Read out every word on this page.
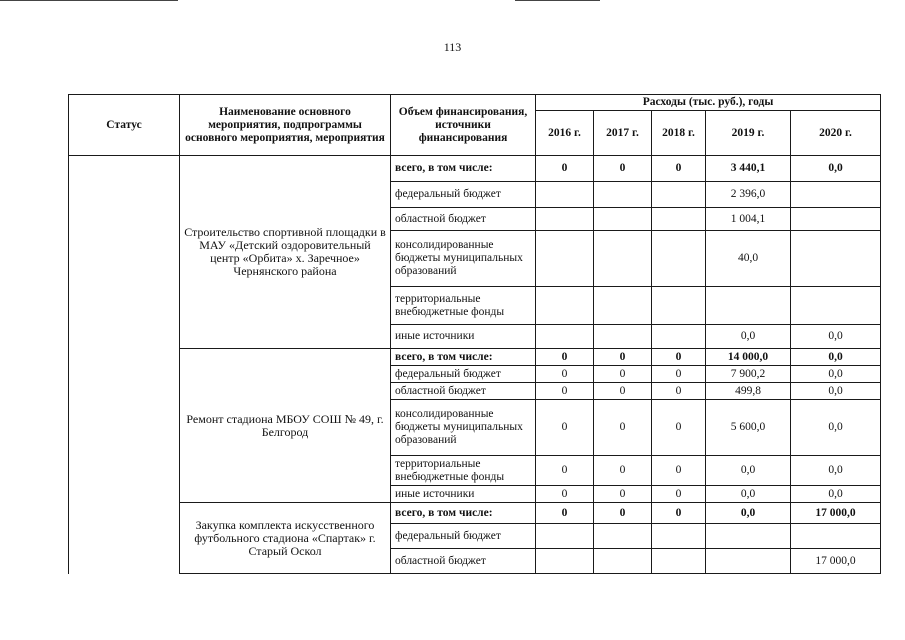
113
Статус	Наименование основного мероприятия, подпрограммы основного мероприятия, мероприятия	Объем финансирования, источники финансирования	Расходы (тыс. руб.), годы				
			2016 г.	2017 г.	2018 г.	2019 г.	2020 г.
	Строительство спортивной площадки в МАУ «Детский оздоровительный центр «Орбита» х. Заречное» Чернянского района	всего, в том числе:	0	0	0	3 440,1	0,0
		федеральный бюджет				2 396,0	
		областной бюджет				1 004,1	
		консолидированные бюджеты муниципальных образований				40,0	
		территориальные внебюджетные фонды					
		иные источники				0,0	0,0
	Ремонт стадиона МБОУ СОШ № 49, г. Белгород	всего, в том числе:	0	0	0	14 000,0	0,0
		федеральный бюджет	0	0	0	7 900,2	0,0
		областной бюджет	0	0	0	499,8	0,0
		консолидированные бюджеты муниципальных образований	0	0	0	5 600,0	0,0
		территориальные внебюджетные фонды	0	0	0	0,0	0,0
		иные источники	0	0	0	0,0	0,0
	Закупка комплекта искусственного футбольного стадиона «Спартак» г. Старый Оскол	всего, в том числе:	0	0	0	0,0	17 000,0
		федеральный бюджет					
		областной бюджет					17 000,0
